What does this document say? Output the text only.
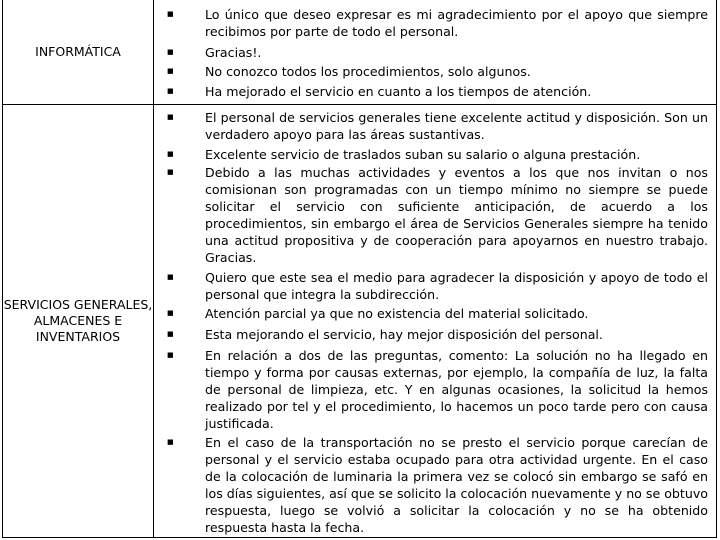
INFORMÁTICA
■ Lo único que deseo expresar es mi agradecimiento por el apoyo que siempre recibimos por parte de todo el personal.
■ Gracias!.
■ No conozco todos los procedimientos, solo algunos.
■ Ha mejorado el servicio en cuanto a los tiempos de atención.
SERVICIOS GENERALES, ALMACENES E INVENTARIOS
■ El personal de servicios generales tiene excelente actitud y disposición. Son un verdadero apoyo para las áreas sustantivas.
■ Excelente servicio de traslados suban su salario o alguna prestación.
■ Debido a las muchas actividades y eventos a los que nos invitan o nos comisionan son programadas con un tiempo mínimo no siempre se puede solicitar el servicio con suficiente anticipación, de acuerdo a los procedimientos, sin embargo el área de Servicios Generales siempre ha tenido una actitud propositiva y de cooperación para apoyarnos en nuestro trabajo. Gracias.
■ Quiero que este sea el medio para agradecer la disposición y apoyo de todo el personal que integra la subdirección.
■ Atención parcial ya que no existencia del material solicitado.
■ Esta mejorando el servicio, hay mejor disposición del personal.
■ En relación a dos de las preguntas, comento: La solución no ha llegado en tiempo y forma por causas externas, por ejemplo, la compañía de luz, la falta de personal de limpieza, etc. Y en algunas ocasiones, la solicitud la hemos realizado por tel y el procedimiento, lo hacemos un poco tarde pero con causa justificada.
■ En el caso de la transportación no se presto el servicio porque carecían de personal y el servicio estaba ocupado para otra actividad urgente. En el caso de la colocación de luminaria la primera vez se colocó sin embargo se safó en los días siguientes, así que se solicito la colocación nuevamente y no se obtuvo respuesta, luego se volvió a solicitar la colocación y no se ha obtenido respuesta hasta la fecha.
